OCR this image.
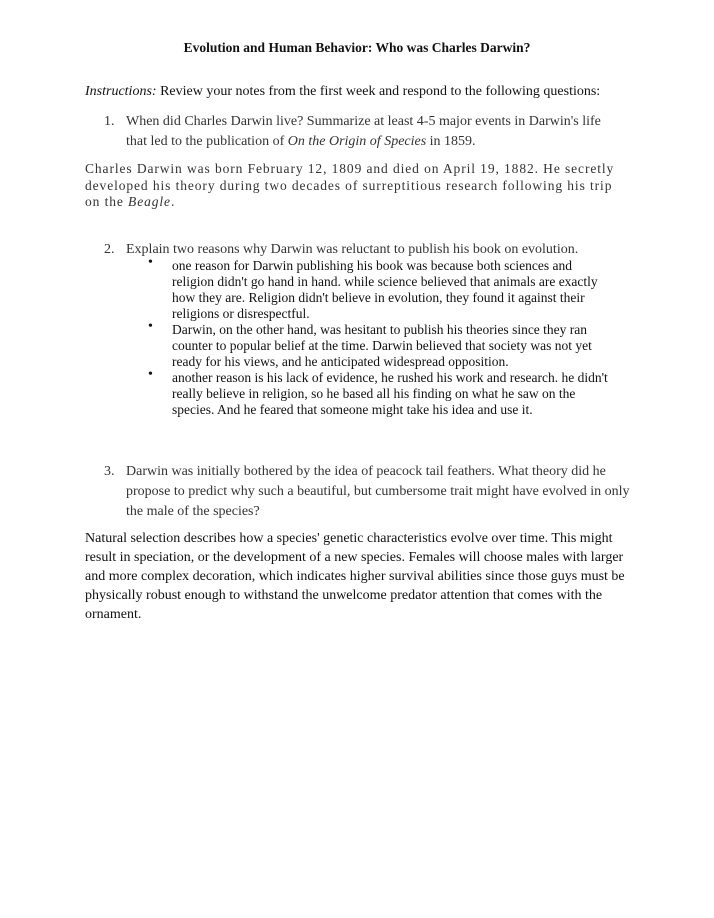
Evolution and Human Behavior: Who was Charles Darwin?
Instructions: Review your notes from the first week and respond to the following questions:
1. When did Charles Darwin live? Summarize at least 4-5 major events in Darwin's life
that led to the publication of On the Origin of Species in 1859.
Charles Darwin was born February 12, 1809 and died on April 19, 1882. He secretly developed his theory during two decades of surreptitious research following his trip on the Beagle.
2. Explain two reasons why Darwin was reluctant to publish his book on evolution.
• one reason for Darwin publishing his book was because both sciences and religion didn't go hand in hand. while science believed that animals are exactly how they are. Religion didn't believe in evolution, they found it against their religions or disrespectful.
• Darwin, on the other hand, was hesitant to publish his theories since they ran counter to popular belief at the time. Darwin believed that society was not yet ready for his views, and he anticipated widespread opposition.
• another reason is his lack of evidence, he rushed his work and research. he didn't really believe in religion, so he based all his finding on what he saw on the species. And he feared that someone might take his idea and use it.
3. Darwin was initially bothered by the idea of peacock tail feathers. What theory did he
propose to predict why such a beautiful, but cumbersome trait might have evolved in only
the male of the species?
Natural selection describes how a species' genetic characteristics evolve over time. This might result in speciation, or the development of a new species. Females will choose males with larger and more complex decoration, which indicates higher survival abilities since those guys must be physically robust enough to withstand the unwelcome predator attention that comes with the ornament.
